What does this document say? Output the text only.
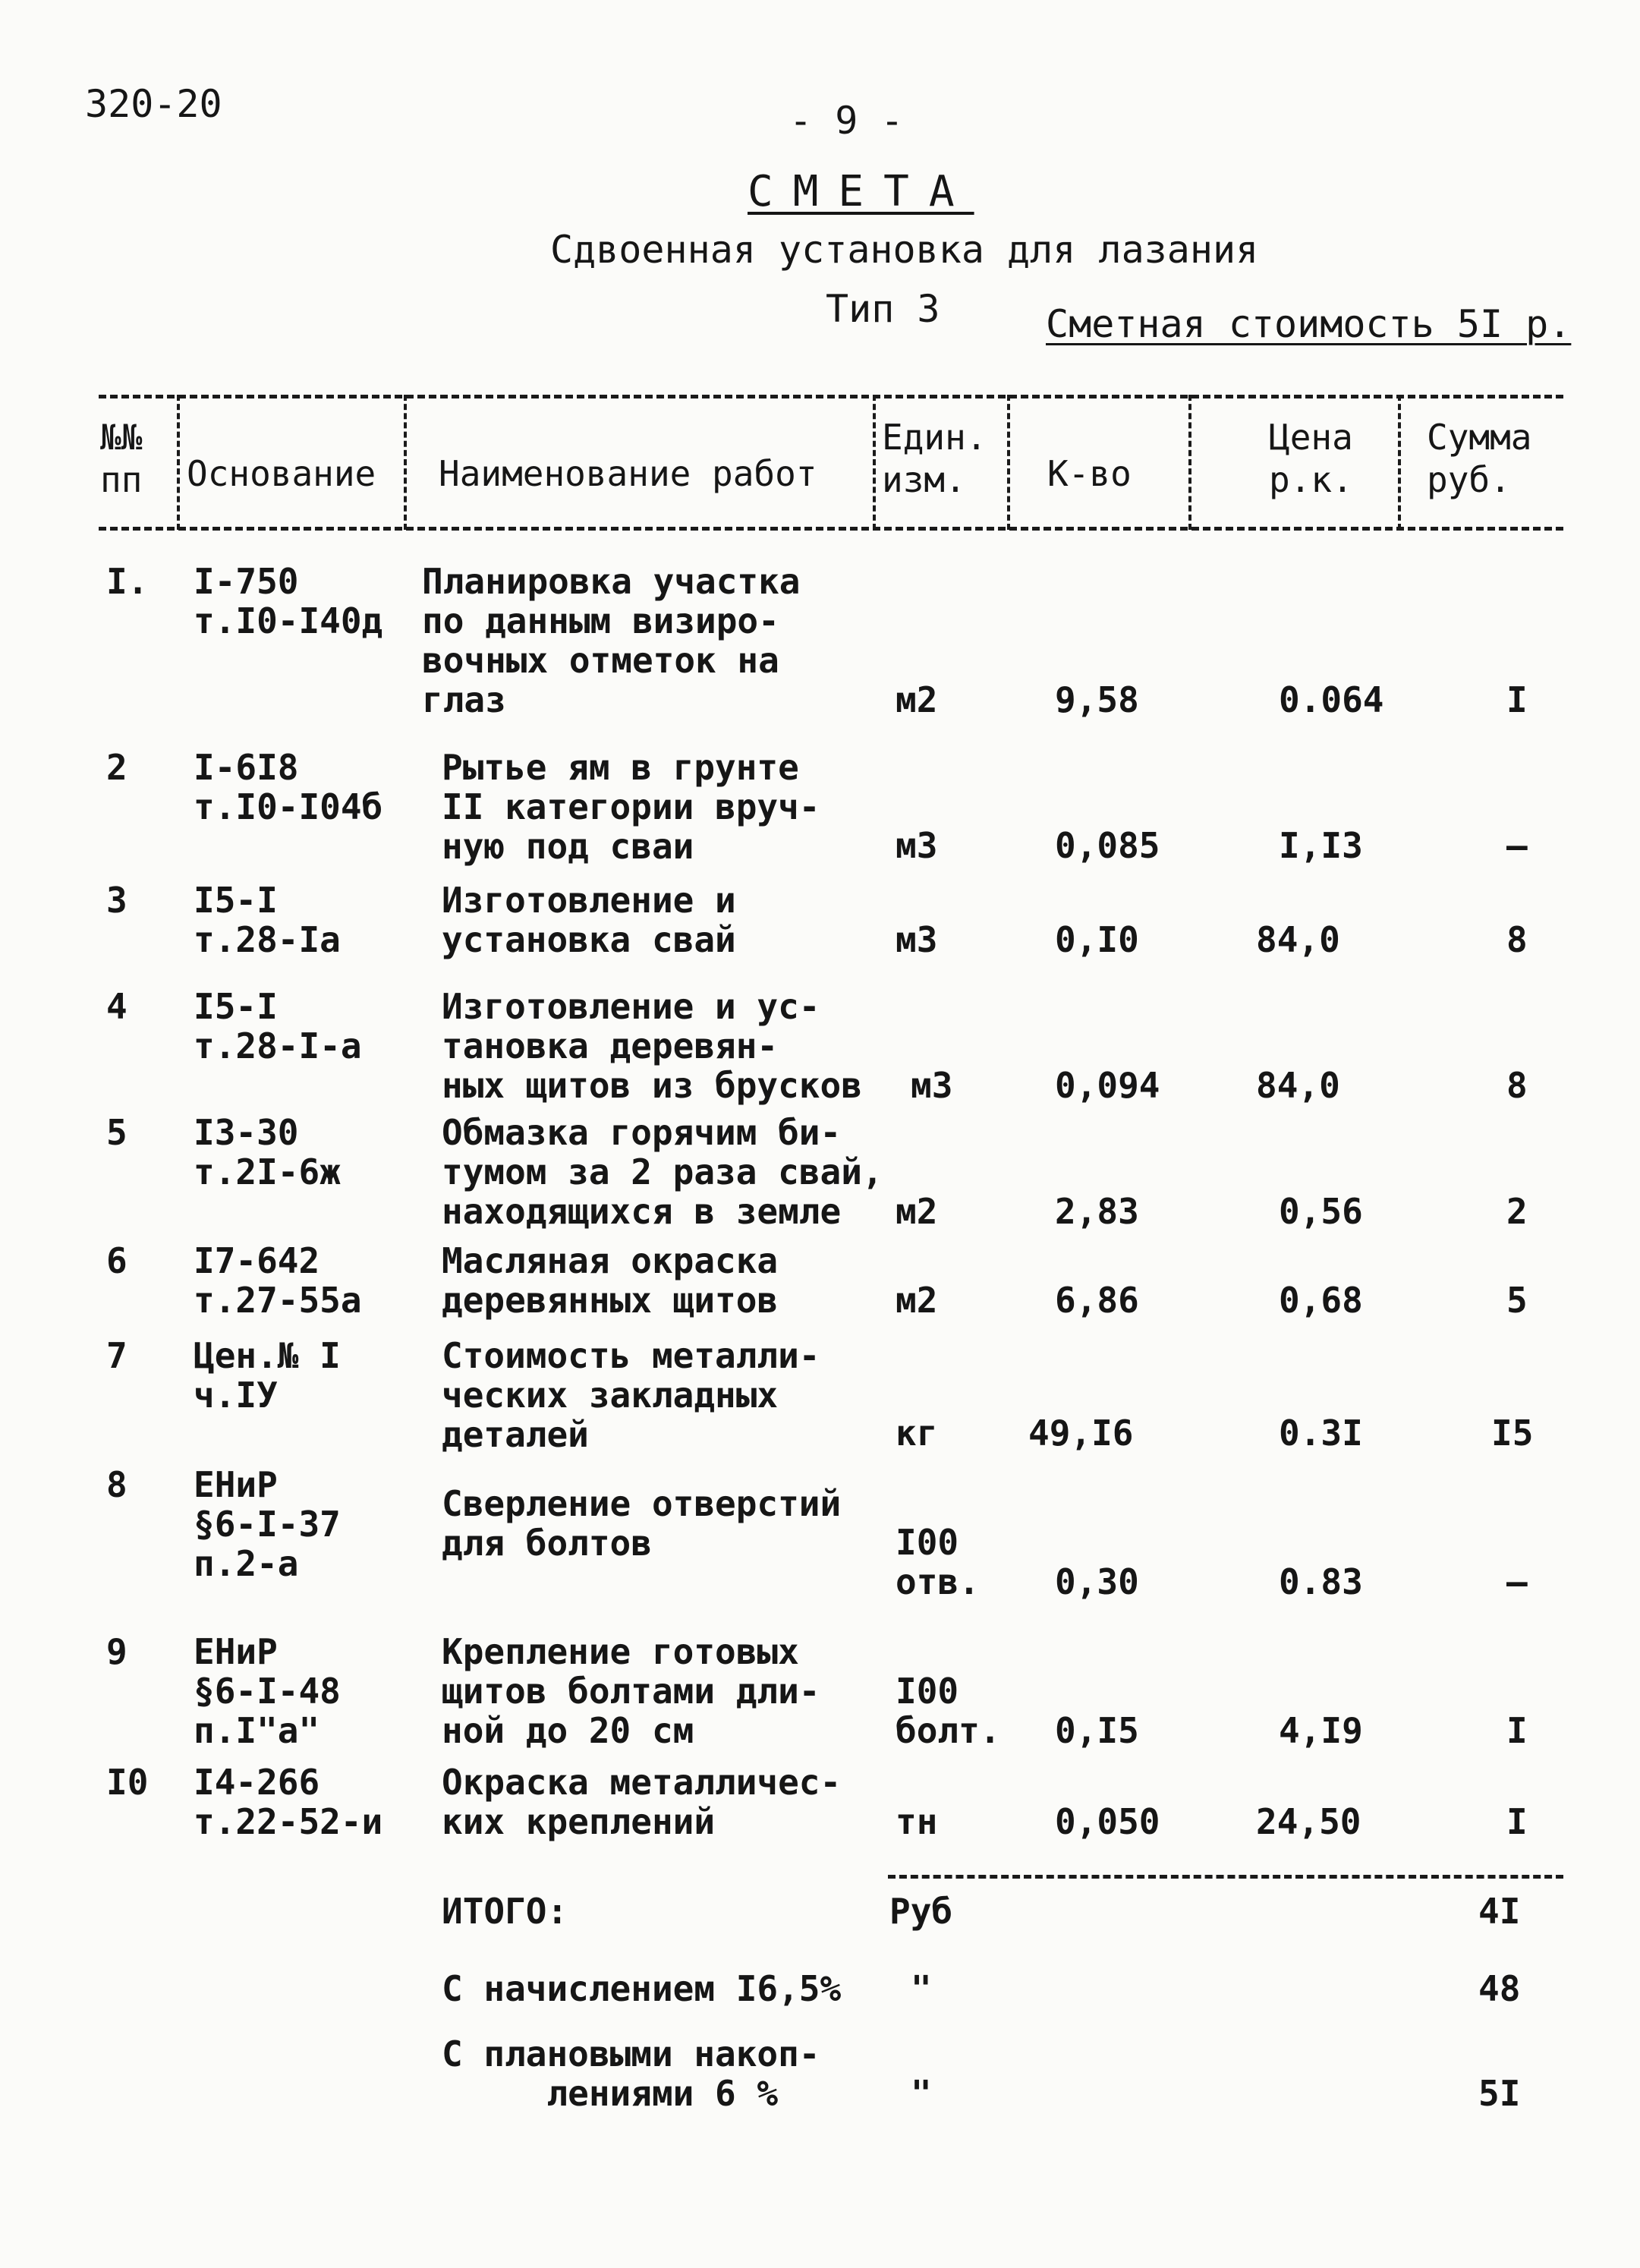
320-20	- 9 -
СМЕТА
Сдвоенная установка для лазания
Тип 3	Сметная стоимость 5I р.
№№
пп Основание Наименование работ
Един.
изм.	К-во
Цена
р.к.
Сумма
руб.
I. I-750
т.I0-I40д
Планировка участка
по данным визиро-
вочных отметок на
глаз	м2	9,58	0.064	I
2 I-6I8
т.I0-I04б
Рытье ям в грунте
II категории вруч-
ную под сваи	м3	0,085	I,I3	–
3 I5-I
т.28-Iа
Изготовление и
установка свай	м3	0,I0	84,0	8
4 I5-I
т.28-I-а
Изготовление и ус-
тановка деревян-
ных щитов из брусков м3	0,094	84,0	8
5 I3-30
т.2I-6ж
Обмазка горячим би-
тумом за 2 раза свай,
находящихся в земле	м2	2,83	0,56	2
6 I7-642
т.27-55а
Масляная окраска
деревянных щитов	м2	6,86	0,68	5
7 Цен.№ I
ч.IУ
Стоимость металли-
ческих закладных
деталей	кг	49,I6	0.3I	I5
8 ЕНиР
§6-I-37
п.2-а
Сверление отверстий
для болтов	I00
отв. 0,30	0.83	–
9 ЕНиР
§6-I-48
п.I"а"
Крепление готовых
щитов болтами дли-
ной до 20 см
I00
болт. 0,I5	4,I9	I
I0 I4-266
т.22-52-и
Окраска металличес-
ких креплений	тн	0,050	24,50	I
ИТОГО:	Руб	4I
С начислением I6,5% "	48
С плановыми накоп-
лениями 6 %	"	5I
